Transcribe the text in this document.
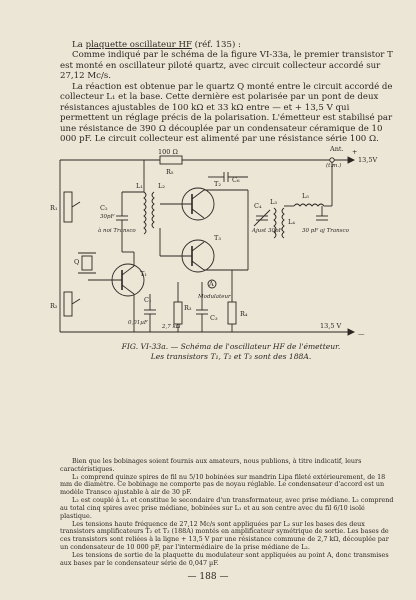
La plaquette oscillateur HF (réf. 135) :

Comme indiqué par le schéma de la figure VI-33a, le premier transistor T est monté en oscillateur piloté quartz, avec circuit collecteur accordé sur 27,12 Mc/s.

La réaction est obtenue par le quartz Q monté entre le circuit accordé de collecteur L₁ et la base. Cette dernière est polarisée par un pont de deux résistances ajustables de 100 kΩ et 33 kΩ entre — et + 13,5 V qui permettent un réglage précis de la polarisation. L'émetteur est stabilisé par une résistance de 390 Ω découplée par un condensateur céramique de 10 000 pF. Le circuit collecteur est alimenté par une résistance série 100 Ω.

100 Ω
R₅
Ant.
(t.m.)
+
13,5V
R₁	C₂
30pF
à noi Transco
L₁ L₂	T₂
T₃
C₆
C₄
Ajust 30pF
L₃
L₄
L₅
30 pF aj Transco
Q
T₁
A
Modulateur
R₂
C₁
0,01µF
R₃
2,7 kΩ
C₃	R₄
13,5 V
—
FIG. VI-33a. — Schéma de l'oscillateur HF de l'émetteur.
Les transistors T₁, T₂ et T₃ sont des 188A.

Bien que les bobinages soient fournis aux amateurs, nous publions, à titre indicatif, leurs caractéristiques.

L₁ comprend quinze spires de fil nu 5/10 bobinées sur mandrin Lipa fileté extérieurement, de 18 mm de diamètre. Ce bobinage ne comporte pas de noyau réglable. Le condensateur d'accord est un modèle Transco ajustable à air de 30 pF.

L₂ est couplé à L₁ et constitue le secondaire d'un transformateur, avec prise médiane. L₂ comprend au total cinq spires avec prise médiane, bobinées sur L₁ et au son centre avec du fil 6/10 isolé plastique.

Les tensions haute fréquence de 27,12 Mc/s sont appliquées par L₂ sur les bases des deux transistors amplificateurs T₂ et T₃ (188A) montés en amplificateur symétrique de sortie. Les bases de ces transistors sont reliées à la ligne + 13,5 V par une résistance commune de 2,7 kΩ, découplée par un condensateur de 10 000 pF, par l'intermédiaire de la prise médiane de L₂.

Les tensions de sortie de la plaquette du modulateur sont appliquées au point A, donc transmises aux bases par le condensateur série de 0,047 µF.

— 188 —
